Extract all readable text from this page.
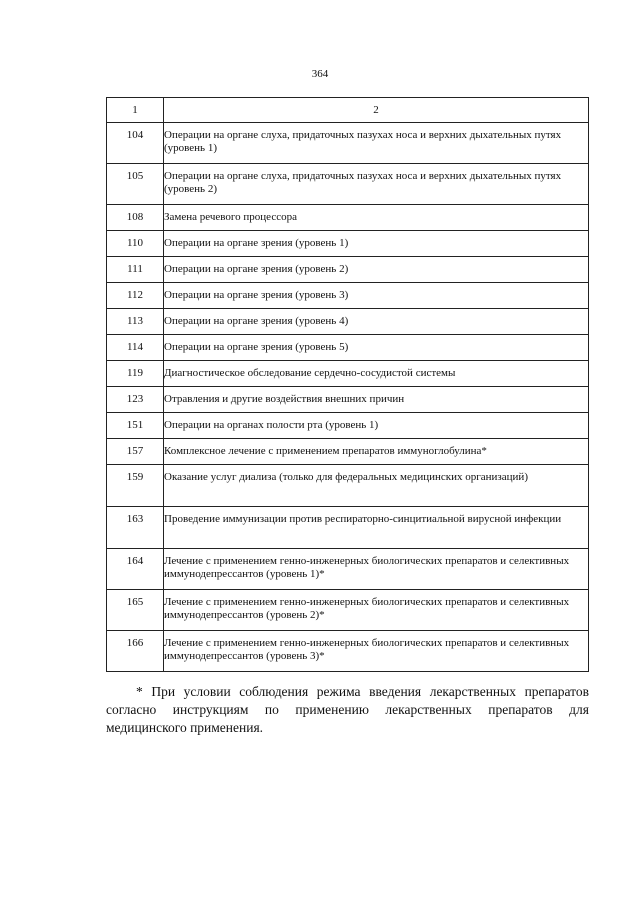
364
1	2

104	Операции на органе слуха, придаточных пазухах носа и верхних дыхательных путях (уровень 1)

105	Операции на органе слуха, придаточных пазухах носа и верхних дыхательных путях (уровень 2)

108	Замена речевого процессора

110	Операции на органе зрения (уровень 1)

111	Операции на органе зрения (уровень 2)

112	Операции на органе зрения (уровень 3)

113	Операции на органе зрения (уровень 4)

114	Операции на органе зрения (уровень 5)

119	Диагностическое обследование сердечно-сосудистой системы

123	Отравления и другие воздействия внешних причин

151	Операции на органах полости рта (уровень 1)

157	Комплексное лечение с применением препаратов иммуноглобулина*

159	Оказание услуг диализа (только для федеральных медицинских организаций)

163	Проведение иммунизации против респираторно-синцитиальной вирусной инфекции

164	Лечение с применением генно-инженерных биологических препаратов и селективных иммунодепрессантов (уровень 1)*

165	Лечение с применением генно-инженерных биологических препаратов и селективных иммунодепрессантов (уровень 2)*

166	Лечение с применением генно-инженерных биологических препаратов и селективных иммунодепрессантов (уровень 3)*

* При условии соблюдения режима введения лекарственных препаратов согласно инструкциям по применению лекарственных препаратов для медицинского применения.
